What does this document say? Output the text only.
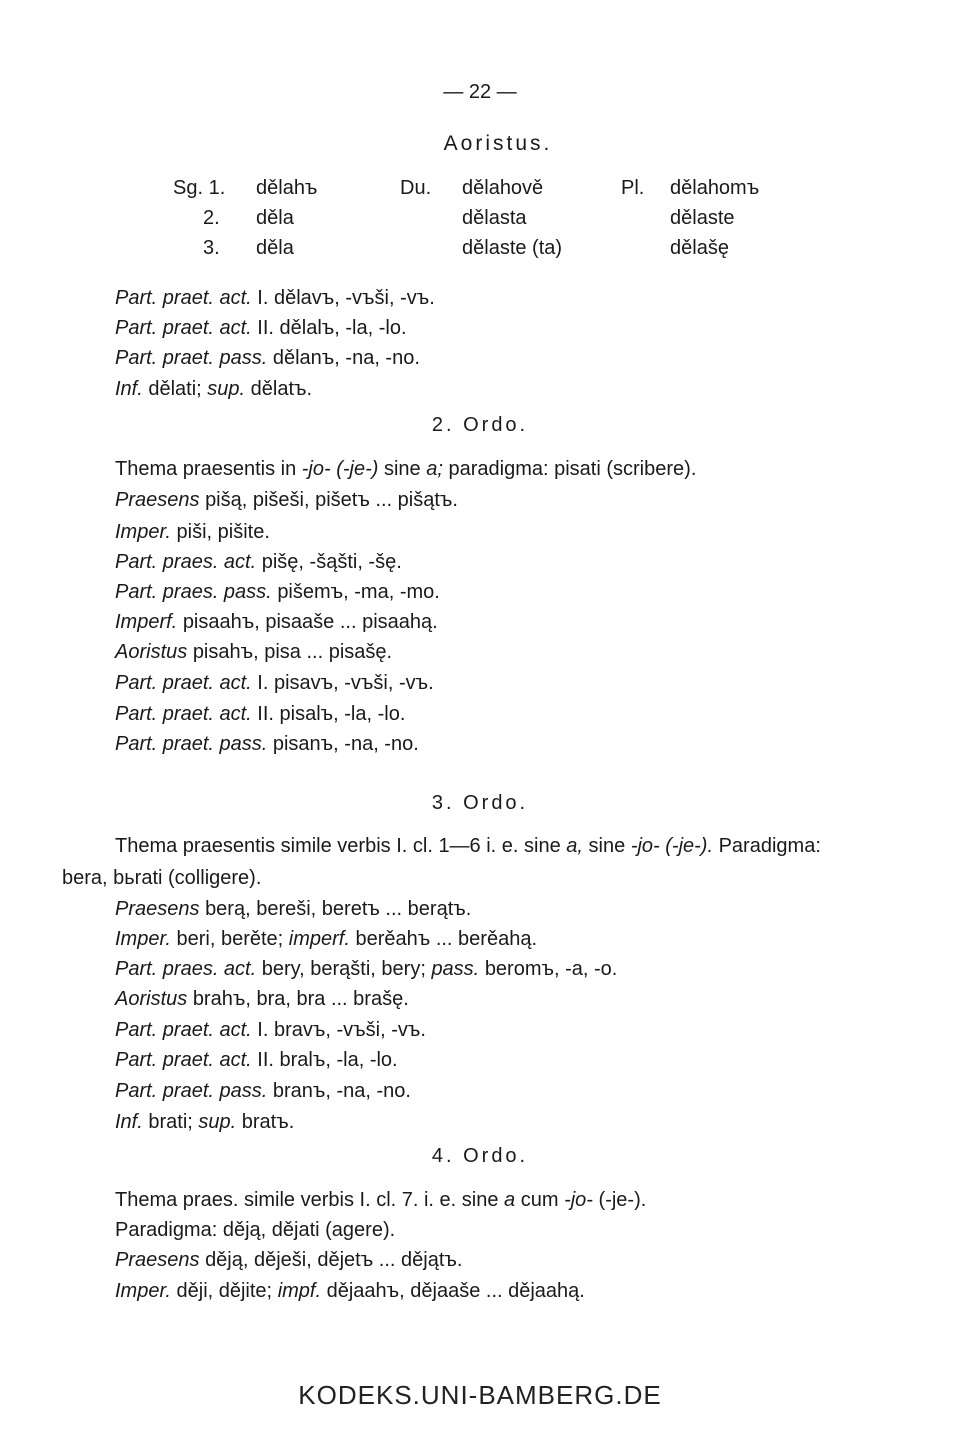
— 22 —
Aoristus.
Sg. 1. dělahъ	Du. dělahově	Pl. dělahomъ
2. děla	dělasta	dělaste
3. děla	dělaste (ta)	dělašę
Part. praet. act. I. dělavъ, -vъši, -vъ.
Part. praet. act. II. dělalъ, -la, -lo.
Part. praet. pass. dělanъ, -na, -no.
Inf. dělati; sup. dělatъ.
2. Ordo.
Thema praesentis in -jo- (-je-) sine a; paradigma: pisati (scribere).
Praesens pišą, pišeši, pišetъ ... pišątъ.
Imper. piši, pišite.
Part. praes. act. pišę, -šąšti, -šę.
Part. praes. pass. pišemъ, -ma, -mo.
Imperf. pisaahъ, pisaaše ... pisaahą.
Aoristus pisahъ, pisa ... pisašę.
Part. praet. act. I. pisavъ, -vъši, -vъ.
Part. praet. act. II. pisalъ, -la, -lo.
Part. praet. pass. pisanъ, -na, -no.
3. Ordo.
Thema praesentis simile verbis I. cl. 1—6 i. e. sine a, sine -jo- (-je-). Paradigma:
bera, bьrati (colligere).
Praesens berą, bereši, beretъ ... berątъ.
Imper. beri, berěte; imperf. berěahъ ... berěahą.
Part. praes. act. bery, berąšti, bery; pass. beromъ, -a, -o.
Aoristus brahъ, bra, bra ... brašę.
Part. praet. act. I. bravъ, -vъši, -vъ.
Part. praet. act. II. bralъ, -la, -lo.
Part. praet. pass. branъ, -na, -no.
Inf. brati; sup. bratъ.
4. Ordo.
Thema praes. simile verbis I. cl. 7. i. e. sine a cum -jo- (-je-).
Paradigma: děją, dějati (agere).
Praesens děją, děješi, dějetъ ... dějątъ.
Imper. ději, dějite; impf. dějaahъ, dějaaše ... dějaahą.
KODEKS.UNI-BAMBERG.DE
